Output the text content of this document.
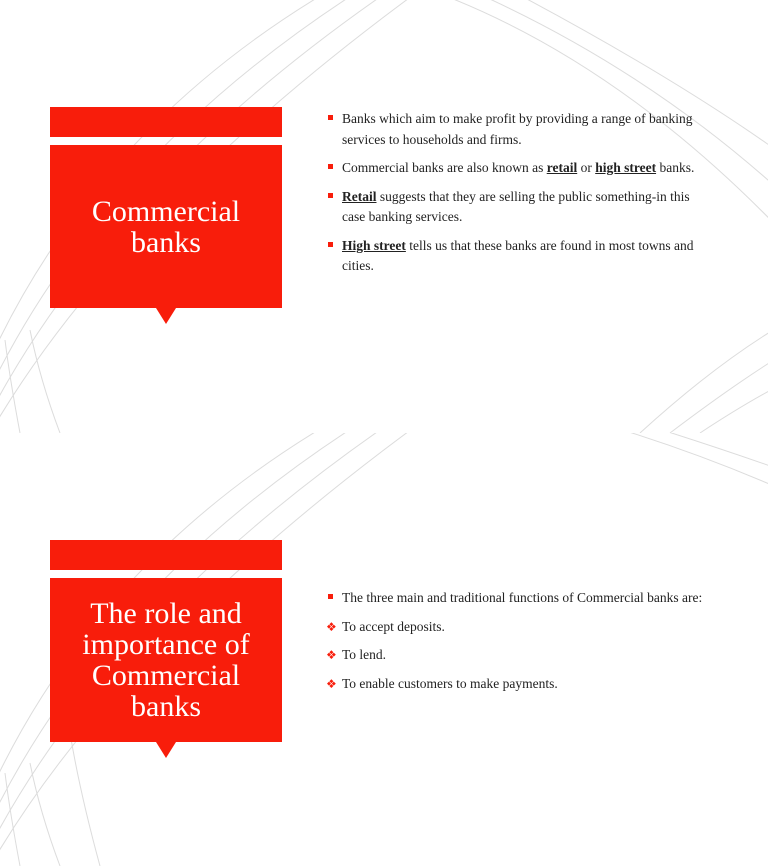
Commercial
banks
Banks which aim to make profit by providing a range of banking services to households and firms.
Commercial banks are also known as retail or high street banks.
Retail suggests that they are selling the public something-in this case banking services.
High street tells us that these banks are found in most towns and cities.
The role and
importance of
Commercial
banks
The three main and traditional functions of Commercial banks are:
❖ To accept deposits.
❖ To lend.
❖ To enable customers to make payments.
